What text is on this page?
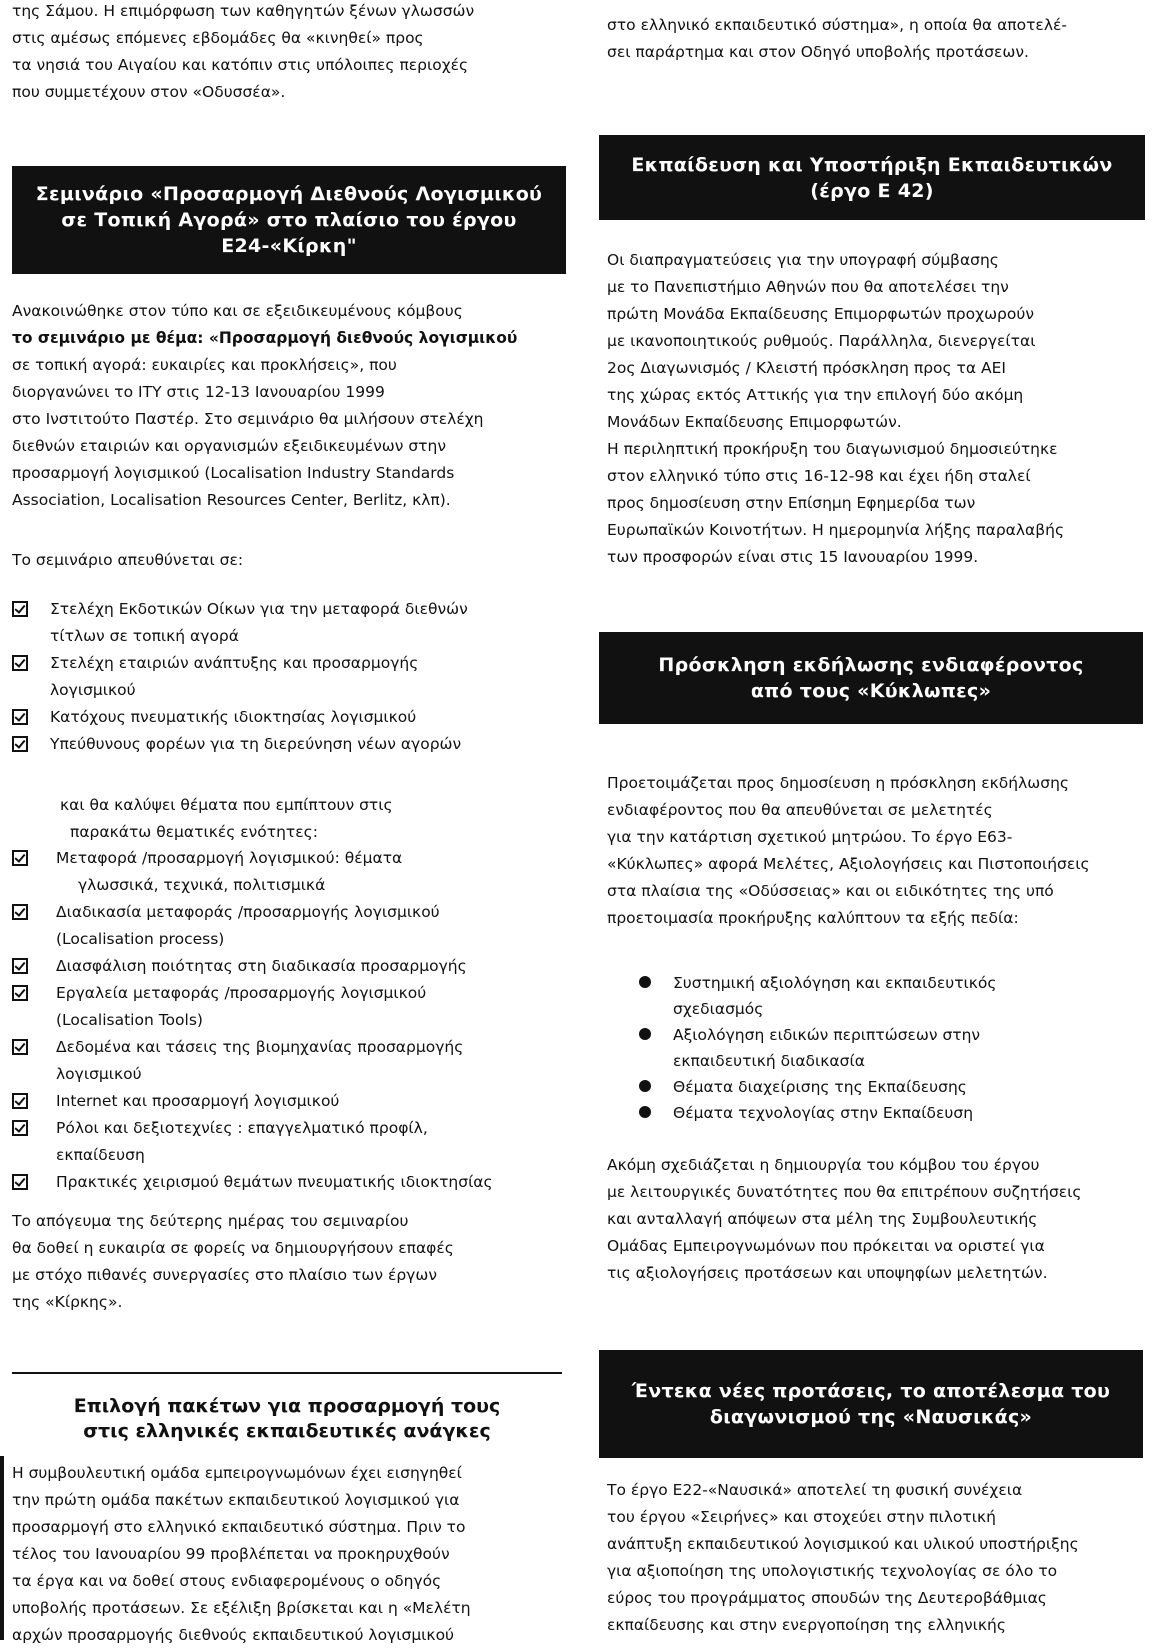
της Σάμου. Η επιμόρφωση των καθηγητών ξένων γλωσσών

στις αμέσως επόμενες εβδομάδες θα «κινηθεί» προς

τα νησιά του Αιγαίου και κατόπιν στις υπόλοιπες περιοχές

που συμμετέχουν στον «Οδυσσέα».

Σεμινάριο «Προσαρμογή Διεθνούς Λογισμικού
σε Τοπική Αγορά» στο πλαίσιο του έργου
Ε24-«Κίρκη"

Ανακοινώθηκε στον τύπο και σε εξειδικευμένους κόμβους

το σεμινάριο με θέμα: «Προσαρμογή διεθνούς λογισμικού

σε τοπική αγορά: ευκαιρίες και προκλήσεις», που

διοργανώνει το ΙΤΥ στις 12-13 Ιανουαρίου 1999

στο Ινστιτούτο Παστέρ. Στο σεμινάριο θα μιλήσουν στελέχη

διεθνών εταιριών και οργανισμών εξειδικευμένων στην

προσαρμογή λογισμικού (Localisation Industry Standards

Association, Localisation Resources Center, Berlitz, κλπ).

Το σεμινάριο απευθύνεται σε:

Στελέχη Εκδοτικών Οίκων για την μεταφορά διεθνών
τίτλων σε τοπική αγορά
Στελέχη εταιριών ανάπτυξης και προσαρμογής
λογισμικού
Κατόχους πνευματικής ιδιοκτησίας λογισμικού
Υπεύθυνους φορέων για τη διερεύνηση νέων αγορών

και θα καλύψει θέματα που εμπίπτουν στις

παρακάτω θεματικές ενότητες:

Μεταφορά /προσαρμογή λογισμικού: θέματα
γλωσσικά, τεχνικά, πολιτισμικά
Διαδικασία μεταφοράς /προσαρμογής λογισμικού
(Localisation process)
Διασφάλιση ποιότητας στη διαδικασία προσαρμογής
Εργαλεία μεταφοράς /προσαρμογής λογισμικού
(Localisation Tools)
Δεδομένα και τάσεις της βιομηχανίας προσαρμογής
λογισμικού
Internet και προσαρμογή λογισμικού
Ρόλοι και δεξιοτεχνίες : επαγγελματικό προφίλ,
εκπαίδευση
Πρακτικές χειρισμού θεμάτων πνευματικής ιδιοκτησίας

Το απόγευμα της δεύτερης ημέρας του σεμιναρίου

θα δοθεί η ευκαιρία σε φορείς να δημιουργήσουν επαφές

με στόχο πιθανές συνεργασίες στο πλαίσιο των έργων

της «Κίρκης».

Επιλογή πακέτων για προσαρμογή τους
στις ελληνικές εκπαιδευτικές ανάγκες

Η συμβουλευτική ομάδα εμπειρογνωμόνων έχει εισηγηθεί

την πρώτη ομάδα πακέτων εκπαιδευτικού λογισμικού για

προσαρμογή στο ελληνικό εκπαιδευτικό σύστημα. Πριν το

τέλος του Ιανουαρίου 99 προβλέπεται να προκηρυχθούν

τα έργα και να δοθεί στους ενδιαφερομένους ο οδηγός

υποβολής προτάσεων. Σε εξέλιξη βρίσκεται και η «Μελέτη

αρχών προσαρμογής διεθνούς εκπαιδευτικού λογισμικού

στο ελληνικό εκπαιδευτικό σύστημα», η οποία θα αποτελέ-

σει παράρτημα και στον Οδηγό υποβολής προτάσεων.

Εκπαίδευση και Υποστήριξη Εκπαιδευτικών
(έργο Ε 42)

Οι διαπραγματεύσεις για την υπογραφή σύμβασης

με το Πανεπιστήμιο Αθηνών που θα αποτελέσει την

πρώτη Μονάδα Εκπαίδευσης Επιμορφωτών προχωρούν

με ικανοποιητικούς ρυθμούς. Παράλληλα, διενεργείται

2ος Διαγωνισμός / Κλειστή πρόσκληση προς τα ΑΕΙ

της χώρας εκτός Αττικής για την επιλογή δύο ακόμη

Μονάδων Εκπαίδευσης Επιμορφωτών.

Η περιληπτική προκήρυξη του διαγωνισμού δημοσιεύτηκε

στον ελληνικό τύπο στις 16-12-98 και έχει ήδη σταλεί

προς δημοσίευση στην Επίσημη Εφημερίδα των

Ευρωπαϊκών Κοινοτήτων. Η ημερομηνία λήξης παραλαβής

των προσφορών είναι στις 15 Ιανουαρίου 1999.

Πρόσκληση εκδήλωσης ενδιαφέροντος
από τους «Κύκλωπες»

Προετοιμάζεται προς δημοσίευση η πρόσκληση εκδήλωσης

ενδιαφέροντος που θα απευθύνεται σε μελετητές

για την κατάρτιση σχετικού μητρώου. Το έργο Ε63-

«Κύκλωπες» αφορά Μελέτες, Αξιολογήσεις και Πιστοποιήσεις

στα πλαίσια της «Οδύσσειας» και οι ειδικότητες της υπό

προετοιμασία προκήρυξης καλύπτουν τα εξής πεδία:

Συστημική αξιολόγηση και εκπαιδευτικός
σχεδιασμός
Αξιολόγηση ειδικών περιπτώσεων στην
εκπαιδευτική διαδικασία
Θέματα διαχείρισης της Εκπαίδευσης
Θέματα τεχνολογίας στην Εκπαίδευση

Ακόμη σχεδιάζεται η δημιουργία του κόμβου του έργου

με λειτουργικές δυνατότητες που θα επιτρέπουν συζητήσεις

και ανταλλαγή απόψεων στα μέλη της Συμβουλευτικής

Ομάδας Εμπειρογνωμόνων που πρόκειται να οριστεί για

τις αξιολογήσεις προτάσεων και υποψηφίων μελετητών.

Έντεκα νέες προτάσεις, το αποτέλεσμα του
διαγωνισμού της «Ναυσικάς»

Το έργο Ε22-«Ναυσικά» αποτελεί τη φυσική συνέχεια

του έργου «Σειρήνες» και στοχεύει στην πιλοτική

ανάπτυξη εκπαιδευτικού λογισμικού και υλικού υποστήριξης

για αξιοποίηση της υπολογιστικής τεχνολογίας σε όλο το

εύρος του προγράμματος σπουδών της Δευτεροβάθμιας

εκπαίδευσης και στην ενεργοποίηση της ελληνικής
